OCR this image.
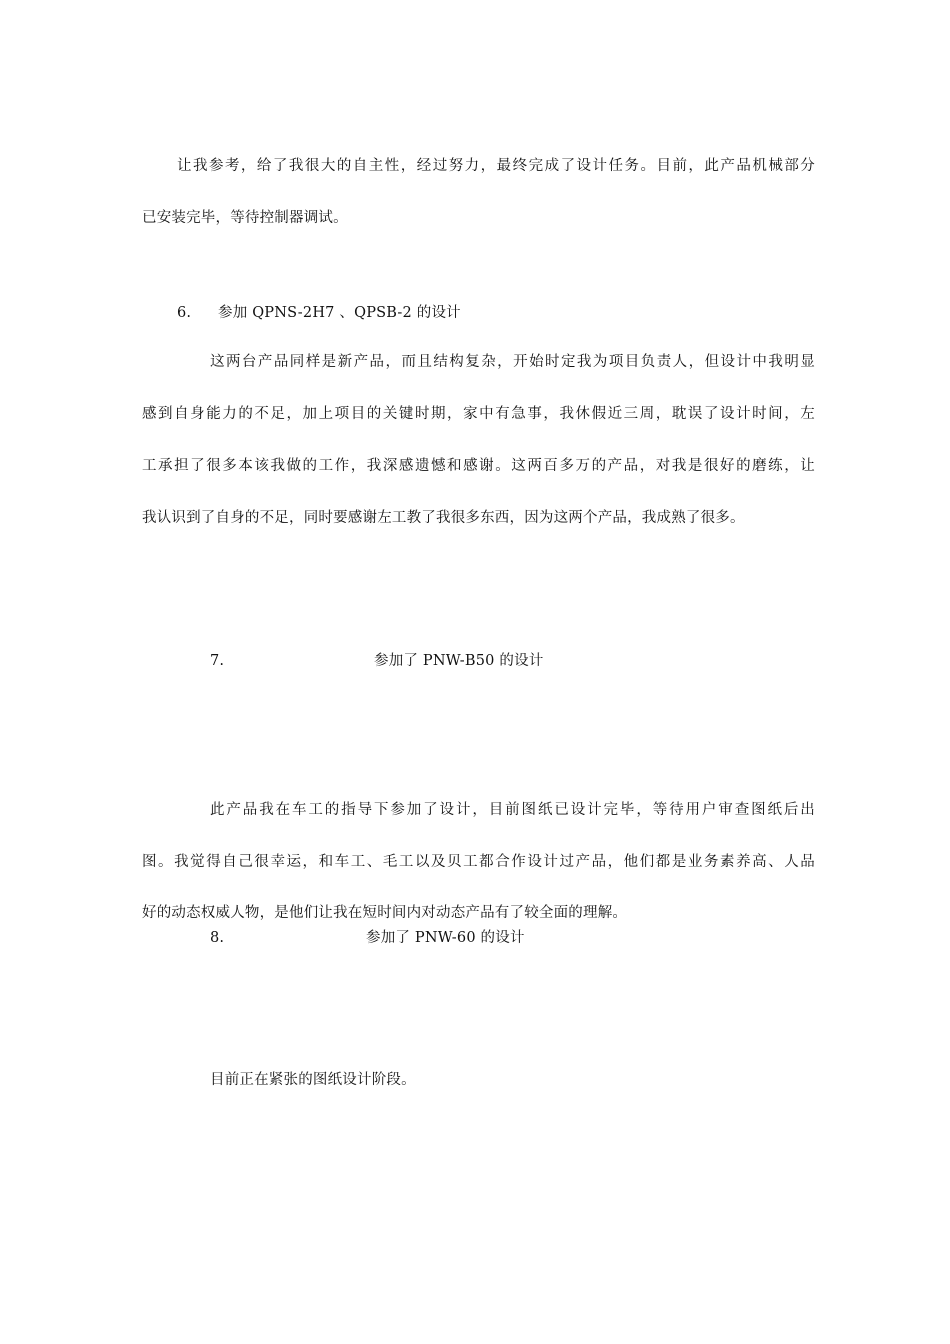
让我参考，给了我很大的自主性，经过努力，最终完成了设计任务。目前，此产品机械部分
已安装完毕，等待控制器调试。
6. 参加 QPNS-2H7 、QPSB-2 的设计
这两台产品同样是新产品，而且结构复杂，开始时定我为项目负责人，但设计中我明显
感到自身能力的不足，加上项目的关键时期，家中有急事，我休假近三周，耽误了设计时间，左
工承担了很多本该我做的工作，我深感遗憾和感谢。这两百多万的产品，对我是很好的磨练，让
我认识到了自身的不足，同时要感谢左工教了我很多东西，因为这两个产品，我成熟了很多。
7.	参加了 PNW-B50 的设计
此产品我在车工的指导下参加了设计，目前图纸已设计完毕，等待用户审查图纸后出
图。我觉得自己很幸运，和车工、毛工以及贝工都合作设计过产品，他们都是业务素养高、人品
好的动态权威人物，是他们让我在短时间内对动态产品有了较全面的理解。
8.	参加了 PNW-60 的设计
目前正在紧张的图纸设计阶段。
